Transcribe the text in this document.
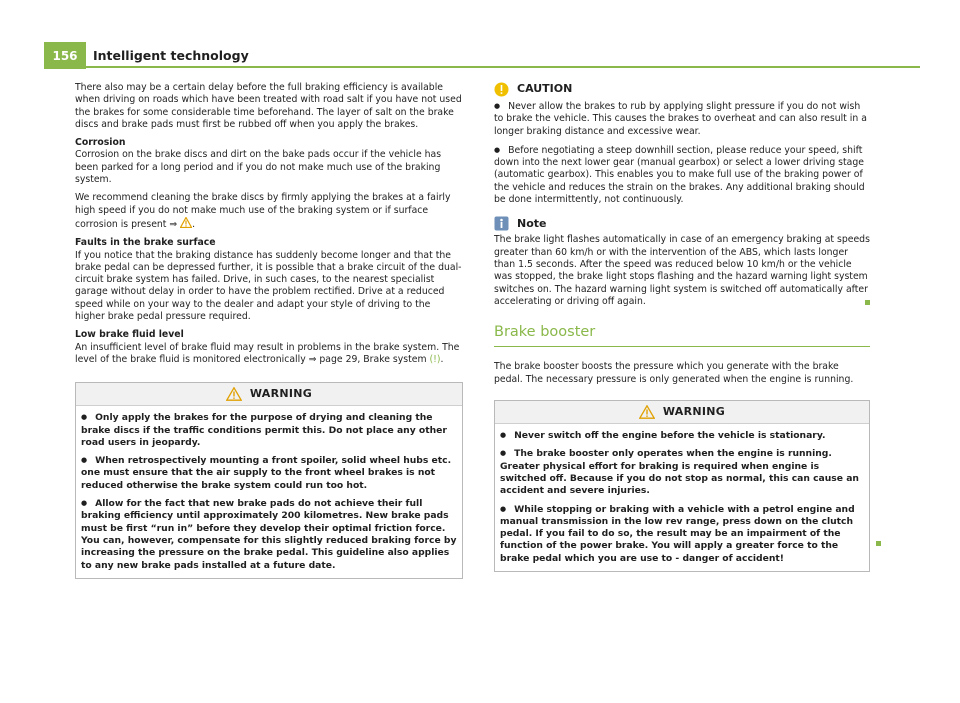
156	Intelligent technology

There also may be a certain delay before the full braking efficiency is available when driving on roads which have been treated with road salt if you have not used the brakes for some considerable time beforehand. The layer of salt on the brake discs and brake pads must first be rubbed off when you apply the brakes.

Corrosion

Corrosion on the brake discs and dirt on the bake pads occur if the vehicle has been parked for a long period and if you do not make much use of the braking system.

We recommend cleaning the brake discs by firmly applying the brakes at a fairly high speed if you do not make much use of the braking system or if surface corrosion is present ⇒ .

Faults in the brake surface

If you notice that the braking distance has suddenly become longer and that the brake pedal can be depressed further, it is possible that a brake circuit of the dual-circuit brake system has failed. Drive, in such cases, to the nearest specialist garage without delay in order to have the problem rectified. Drive at a reduced speed while on your way to the dealer and adapt your style of driving to the higher brake pedal pressure required.

Low brake fluid level

An insufficient level of brake fluid may result in problems in the brake system. The level of the brake fluid is monitored electronically ⇒ page 29, Brake system (!).

WARNING

● Only apply the brakes for the purpose of drying and cleaning the brake discs if the traffic conditions permit this. Do not place any other road users in jeopardy.

● When retrospectively mounting a front spoiler, solid wheel hubs etc. one must ensure that the air supply to the front wheel brakes is not reduced otherwise the brake system could run too hot.

● Allow for the fact that new brake pads do not achieve their full braking efficiency until approximately 200 kilometres. New brake pads must be first “run in” before they develop their optimal friction force. You can, however, compensate for this slightly reduced braking force by increasing the pressure on the brake pedal. This guideline also applies to any new brake pads installed at a future date.

CAUTION

● Never allow the brakes to rub by applying slight pressure if you do not wish to brake the vehicle. This causes the brakes to overheat and can also result in a longer braking distance and excessive wear.

● Before negotiating a steep downhill section, please reduce your speed, shift down into the next lower gear (manual gearbox) or select a lower driving stage (automatic gearbox). This enables you to make full use of the braking power of the vehicle and reduces the strain on the brakes. Any additional braking should be done intermittently, not continuously.

Note

The brake light flashes automatically in case of an emergency braking at speeds greater than 60 km/h or with the intervention of the ABS, which lasts longer than 1.5 seconds. After the speed was reduced below 10 km/h or the vehicle was stopped, the brake light stops flashing and the hazard warning light system switches on. The hazard warning light system is switched off automatically after accelerating or driving off again.

Brake booster

The brake booster boosts the pressure which you generate with the brake pedal. The necessary pressure is only generated when the engine is running.

WARNING

● Never switch off the engine before the vehicle is stationary.

● The brake booster only operates when the engine is running. Greater physical effort for braking is required when engine is switched off. Because if you do not stop as normal, this can cause an accident and severe injuries.

● While stopping or braking with a vehicle with a petrol engine and manual transmission in the low rev range, press down on the clutch pedal. If you fail to do so, the result may be an impairment of the function of the power brake. You will apply a greater force to the brake pedal which you are use to - danger of accident!
